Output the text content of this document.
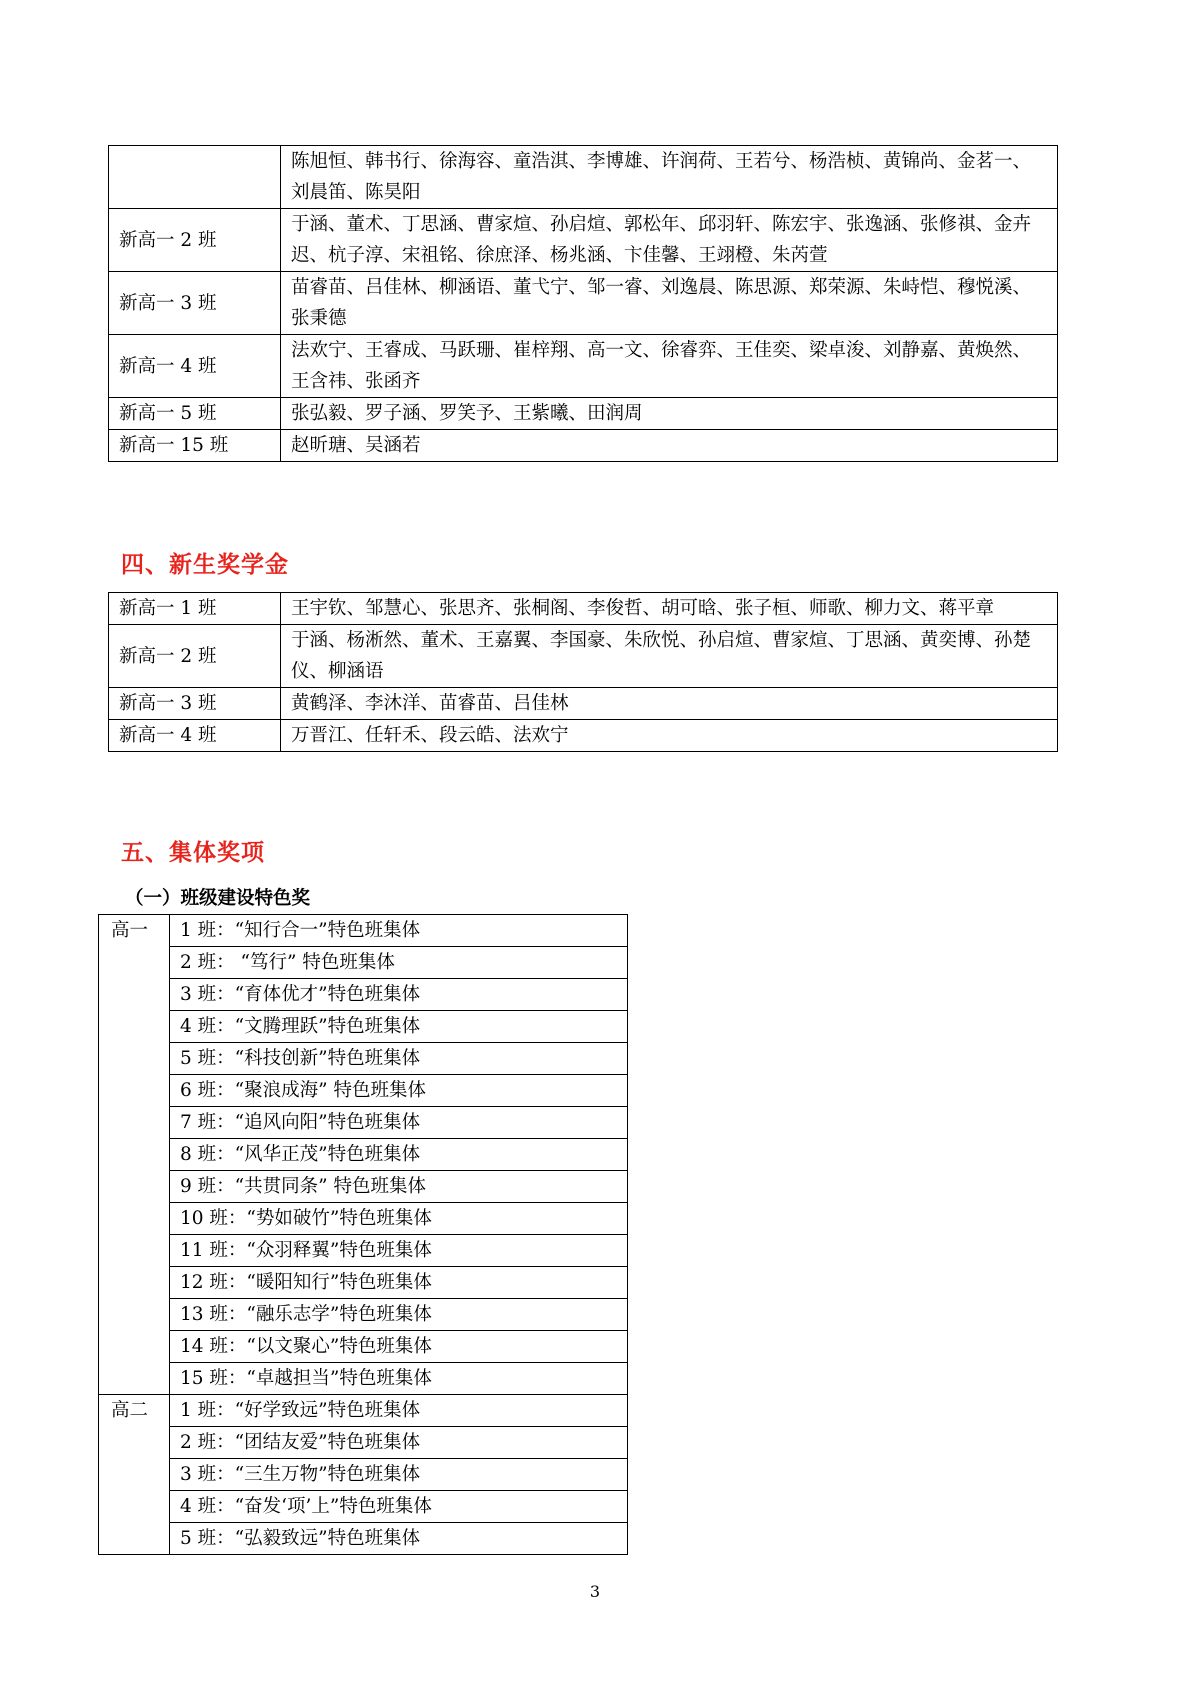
	陈旭恒、韩书行、徐海容、童浩淇、李博雄、许润荷、王若兮、杨浩桢、黄锦尚、金茗一、刘晨笛、陈昊阳
新高一 2 班	于涵、董术、丁思涵、曹家煊、孙启煊、郭松年、邱羽轩、陈宏宇、张逸涵、张修祺、金卉迟、杭子淳、宋祖铭、徐庶泽、杨兆涵、卞佳馨、王翊橙、朱芮萱
新高一 3 班	苗睿苗、吕佳林、柳涵语、董弋宁、邹一睿、刘逸晨、陈思源、郑荣源、朱峙恺、穆悦溪、张秉德
新高一 4 班	法欢宁、王睿成、马跃珊、崔梓翔、高一文、徐睿弈、王佳奕、梁卓浚、刘静嘉、黄焕然、王含祎、张函齐
新高一 5 班	张弘毅、罗子涵、罗笑予、王紫曦、田润周
新高一 15 班	赵昕瑭、吴涵若
四、新生奖学金
新高一 1 班	王宇钦、邹慧心、张思齐、张桐阁、李俊哲、胡可晗、张子桓、师歌、柳力文、蒋平章
新高一 2 班	于涵、杨淅然、董术、王嘉翼、李国豪、朱欣悦、孙启煊、曹家煊、丁思涵、黄奕博、孙楚仪、柳涵语
新高一 3 班	黄鹤泽、李沐洋、苗睿苗、吕佳林
新高一 4 班	万晋江、任轩禾、段云皓、法欢宁
五、集体奖项
（一）班级建设特色奖
高一	1 班：“知行合一”特色班集体
	2 班： “笃行” 特色班集体
	3 班：“育体优才”特色班集体
	4 班：“文腾理跃”特色班集体
	5 班：“科技创新”特色班集体
	6 班：“聚浪成海” 特色班集体
	7 班：“追风向阳”特色班集体
	8 班：“风华正茂”特色班集体
	9 班：“共贯同条” 特色班集体
	10 班：“势如破竹”特色班集体
	11 班：“众羽释翼”特色班集体
	12 班：“暖阳知行”特色班集体
	13 班：“融乐志学”特色班集体
	14 班：“以文聚心”特色班集体
	15 班：“卓越担当”特色班集体
高二	1 班：“好学致远”特色班集体
	2 班：“团结友爱”特色班集体
	3 班：“三生万物”特色班集体
	4 班：“奋发‘项’上”特色班集体
	5 班：“弘毅致远”特色班集体
3
